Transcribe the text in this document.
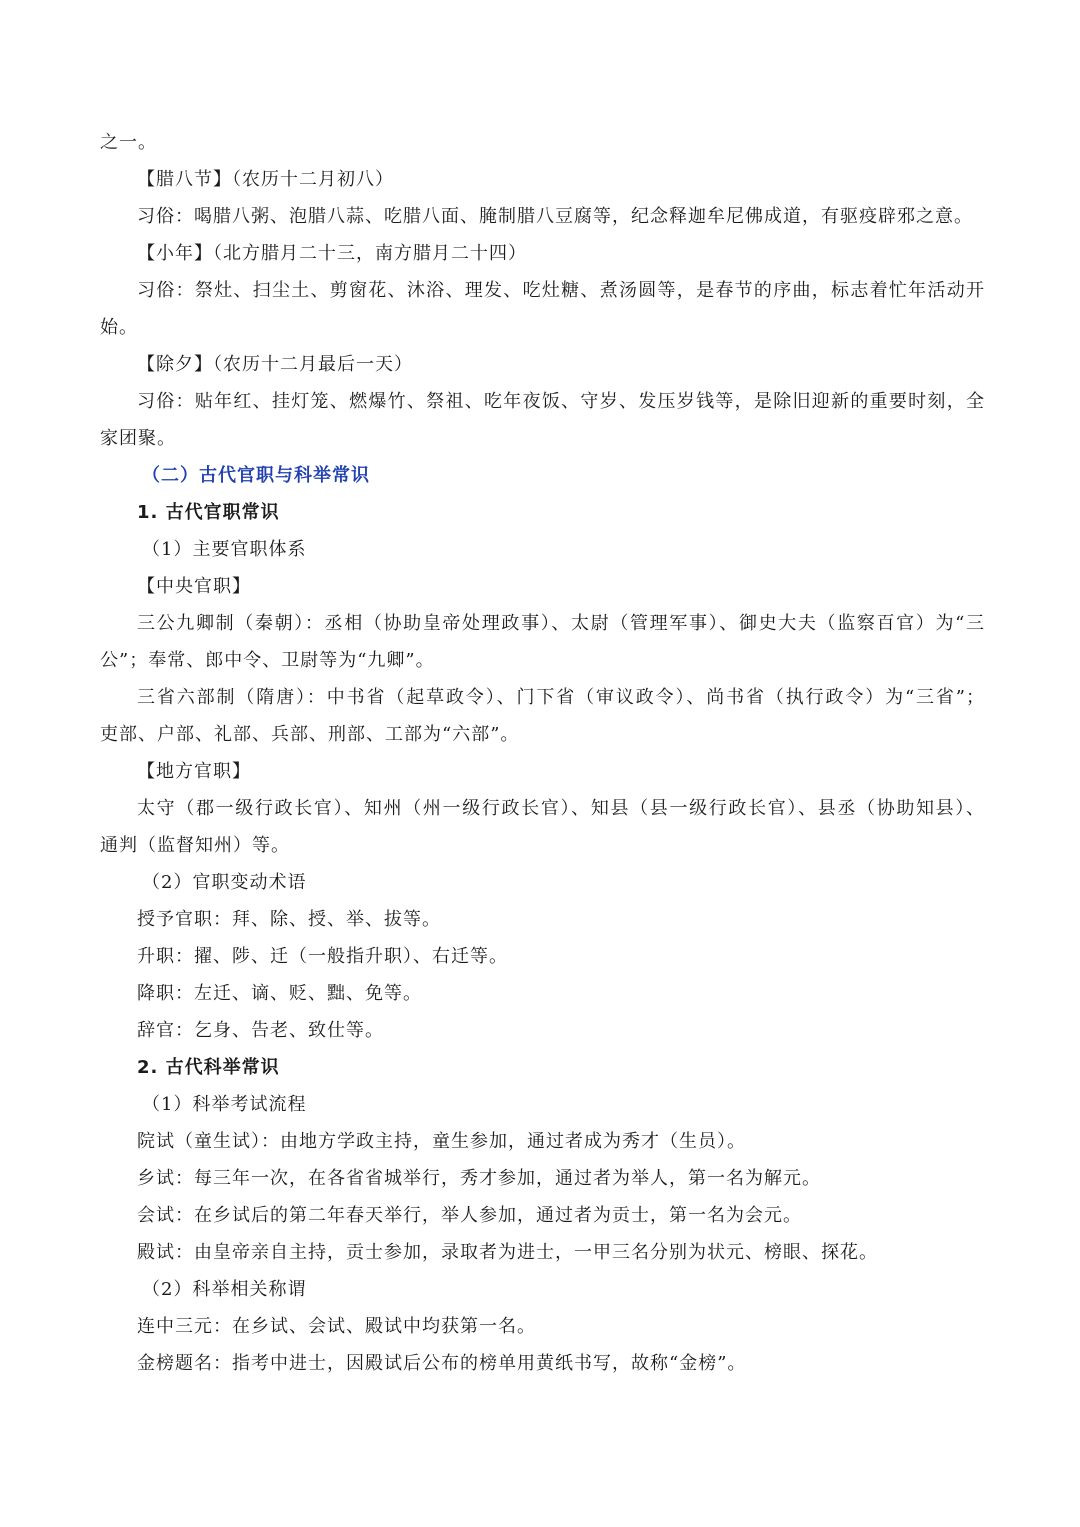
之一。
【腊八节】（农历十二月初八）
习俗：喝腊八粥、泡腊八蒜、吃腊八面、腌制腊八豆腐等，纪念释迦牟尼佛成道，有驱疫辟邪之意。
【小年】（北方腊月二十三，南方腊月二十四）
习俗：祭灶、扫尘土、剪窗花、沐浴、理发、吃灶糖、煮汤圆等，是春节的序曲，标志着忙年活动开
始。
【除夕】（农历十二月最后一天）
习俗：贴年红、挂灯笼、燃爆竹、祭祖、吃年夜饭、守岁、发压岁钱等，是除旧迎新的重要时刻，全
家团聚。
（二）古代官职与科举常识
1. 古代官职常识
（1）主要官职体系
【中央官职】
三公九卿制（秦朝）：丞相（协助皇帝处理政事）、太尉（管理军事）、御史大夫（监察百官）为“三
公”；奉常、郎中令、卫尉等为“九卿”。
三省六部制（隋唐）：中书省（起草政令）、门下省（审议政令）、尚书省（执行政令）为“三省”；
吏部、户部、礼部、兵部、刑部、工部为“六部”。
【地方官职】
太守（郡一级行政长官）、知州（州一级行政长官）、知县（县一级行政长官）、县丞（协助知县）、
通判（监督知州）等。
（2）官职变动术语
授予官职：拜、除、授、举、拔等。
升职：擢、陟、迁（一般指升职）、右迁等。
降职：左迁、谪、贬、黜、免等。
辞官：乞身、告老、致仕等。
2. 古代科举常识
（1）科举考试流程
院试（童生试）：由地方学政主持，童生参加，通过者成为秀才（生员）。
乡试：每三年一次，在各省省城举行，秀才参加，通过者为举人，第一名为解元。
会试：在乡试后的第二年春天举行，举人参加，通过者为贡士，第一名为会元。
殿试：由皇帝亲自主持，贡士参加，录取者为进士，一甲三名分别为状元、榜眼、探花。
（2）科举相关称谓
连中三元：在乡试、会试、殿试中均获第一名。
金榜题名：指考中进士，因殿试后公布的榜单用黄纸书写，故称“金榜”。
